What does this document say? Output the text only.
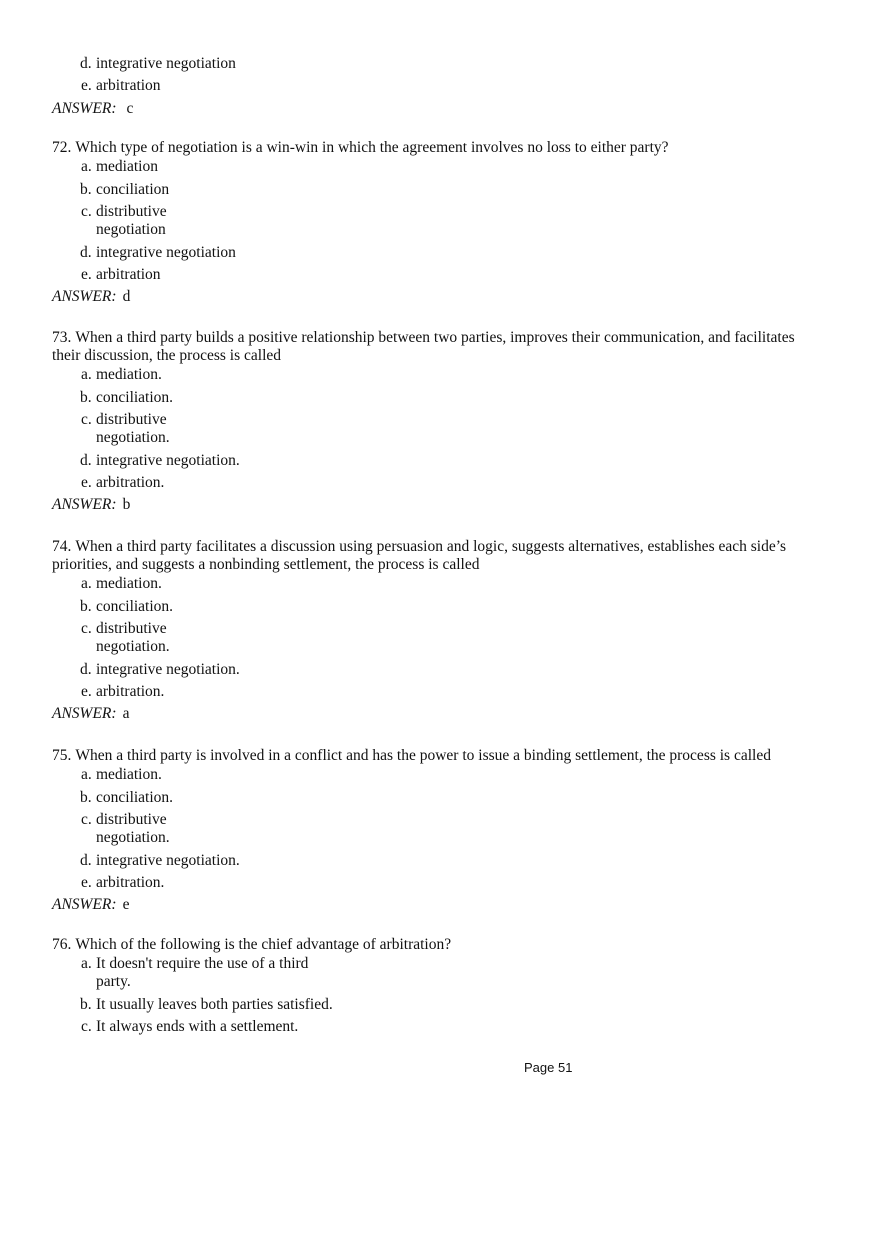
d. integrative negotiation
e. arbitration
ANSWER: c
72. Which type of negotiation is a win-win in which the agreement involves no loss to either party?
a. mediation
b. conciliation
c. distributive
negotiation
d. integrative negotiation
e. arbitration
ANSWER: d
73. When a third party builds a positive relationship between two parties, improves their communication, and facilitates
their discussion, the process is called
a. mediation.
b. conciliation.
c. distributive
negotiation.
d. integrative negotiation.
e. arbitration.
ANSWER: b
74. When a third party facilitates a discussion using persuasion and logic, suggests alternatives, establishes each side’s
priorities, and suggests a nonbinding settlement, the process is called
a. mediation.
b. conciliation.
c. distributive
negotiation.
d. integrative negotiation.
e. arbitration.
ANSWER: a
75. When a third party is involved in a conflict and has the power to issue a binding settlement, the process is called
a. mediation.
b. conciliation.
c. distributive
negotiation.
d. integrative negotiation.
e. arbitration.
ANSWER: e
76. Which of the following is the chief advantage of arbitration?
a. It doesn't require the use of a third
party.
b. It usually leaves both parties satisfied.
c. It always ends with a settlement.
Page 51
